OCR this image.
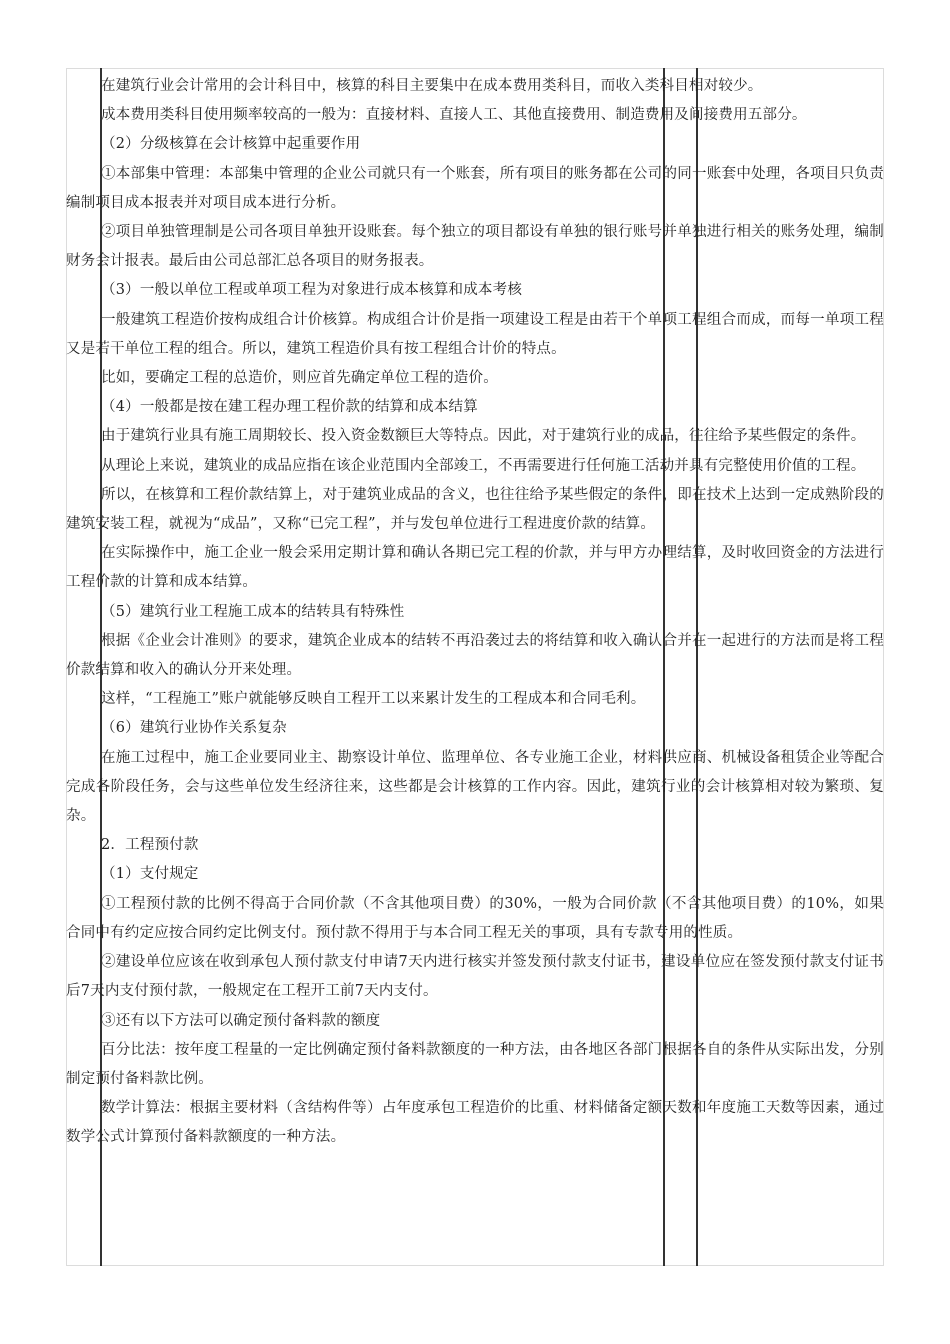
在建筑行业会计常用的会计科目中，核算的科目主要集中在成本费用类科目，而收入类科目相对较少。

成本费用类科目使用频率较高的一般为：直接材料、直接人工、其他直接费用、制造费用及间接费用五部分。

（2）分级核算在会计核算中起重要作用

①本部集中管理：本部集中管理的企业公司就只有一个账套，所有项目的账务都在公司的同一账套中处理，各项目只负责编制项目成本报表并对项目成本进行分析。

②项目单独管理制是公司各项目单独开设账套。每个独立的项目都设有单独的银行账号并单独进行相关的账务处理，编制财务会计报表。最后由公司总部汇总各项目的财务报表。

（3）一般以单位工程或单项工程为对象进行成本核算和成本考核

一般建筑工程造价按构成组合计价核算。构成组合计价是指一项建设工程是由若干个单项工程组合而成，而每一单项工程又是若干单位工程的组合。所以，建筑工程造价具有按工程组合计价的特点。

比如，要确定工程的总造价，则应首先确定单位工程的造价。

（4）一般都是按在建工程办理工程价款的结算和成本结算

由于建筑行业具有施工周期较长、投入资金数额巨大等特点。因此，对于建筑行业的成品，往往给予某些假定的条件。

从理论上来说，建筑业的成品应指在该企业范围内全部竣工，不再需要进行任何施工活动并具有完整使用价值的工程。

所以，在核算和工程价款结算上，对于建筑业成品的含义，也往往给予某些假定的条件，即在技术上达到一定成熟阶段的建筑安装工程，就视为“成品”，又称“已完工程”，并与发包单位进行工程进度价款的结算。

在实际操作中，施工企业一般会采用定期计算和确认各期已完工程的价款，并与甲方办理结算，及时收回资金的方法进行工程价款的计算和成本结算。

（5）建筑行业工程施工成本的结转具有特殊性

根据《企业会计准则》的要求，建筑企业成本的结转不再沿袭过去的将结算和收入确认合并在一起进行的方法而是将工程价款结算和收入的确认分开来处理。

这样，“工程施工”账户就能够反映自工程开工以来累计发生的工程成本和合同毛利。

（6）建筑行业协作关系复杂

在施工过程中，施工企业要同业主、勘察设计单位、监理单位、各专业施工企业，材料供应商、机械设备租赁企业等配合完成各阶段任务，会与这些单位发生经济往来，这些都是会计核算的工作内容。因此，建筑行业的会计核算相对较为繁琐、复杂。

2．工程预付款

（1）支付规定

①工程预付款的比例不得高于合同价款（不含其他项目费）的30%，一般为合同价款（不含其他项目费）的10%，如果合同中有约定应按合同约定比例支付。预付款不得用于与本合同工程无关的事项，具有专款专用的性质。

②建设单位应该在收到承包人预付款支付申请7天内进行核实并签发预付款支付证书，建设单位应在签发预付款支付证书后7天内支付预付款，一般规定在工程开工前7天内支付。

③还有以下方法可以确定预付备料款的额度

百分比法：按年度工程量的一定比例确定预付备料款额度的一种方法，由各地区各部门根据各自的条件从实际出发，分别制定预付备料款比例。

数学计算法：根据主要材料（含结构件等）占年度承包工程造价的比重、材料储备定额天数和年度施工天数等因素，通过数学公式计算预付备料款额度的一种方法。
